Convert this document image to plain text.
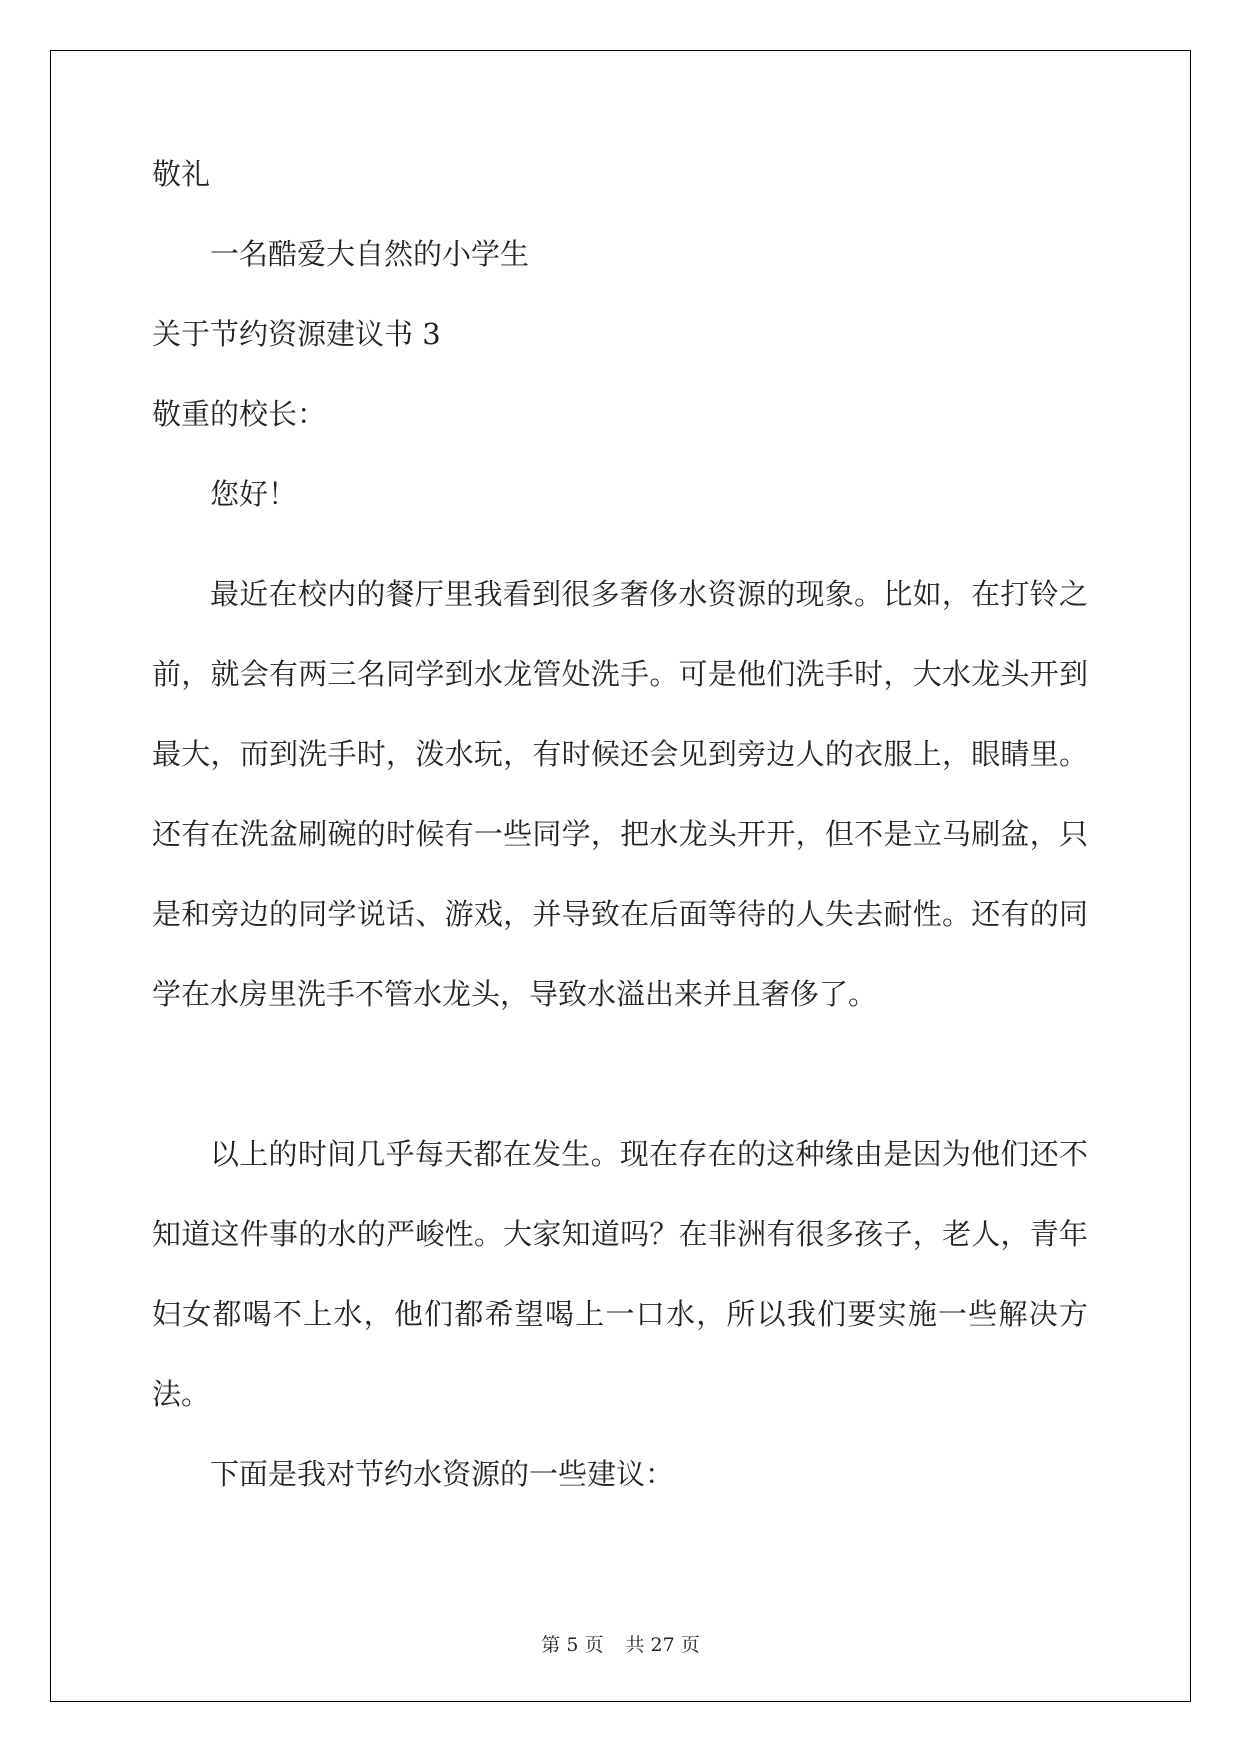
敬礼
一名酷爱大自然的小学生
关于节约资源建议书 3
敬重的校长：
您好！
最近在校内的餐厅里我看到很多奢侈水资源的现象。比如，在打铃之前，就会有两三名同学到水龙管处洗手。可是他们洗手时，大水龙头开到最大，而到洗手时，泼水玩，有时候还会见到旁边人的衣服上，眼睛里。还有在洗盆刷碗的时候有一些同学，把水龙头开开，但不是立马刷盆，只是和旁边的同学说话、游戏，并导致在后面等待的人失去耐性。还有的同学在水房里洗手不管水龙头，导致水溢出来并且奢侈了。
以上的时间几乎每天都在发生。现在存在的这种缘由是因为他们还不知道这件事的水的严峻性。大家知道吗？在非洲有很多孩子，老人，青年妇女都喝不上水，他们都希望喝上一口水，所以我们要实施一些解决方法。
下面是我对节约水资源的一些建议：
第 5 页 共 27 页
